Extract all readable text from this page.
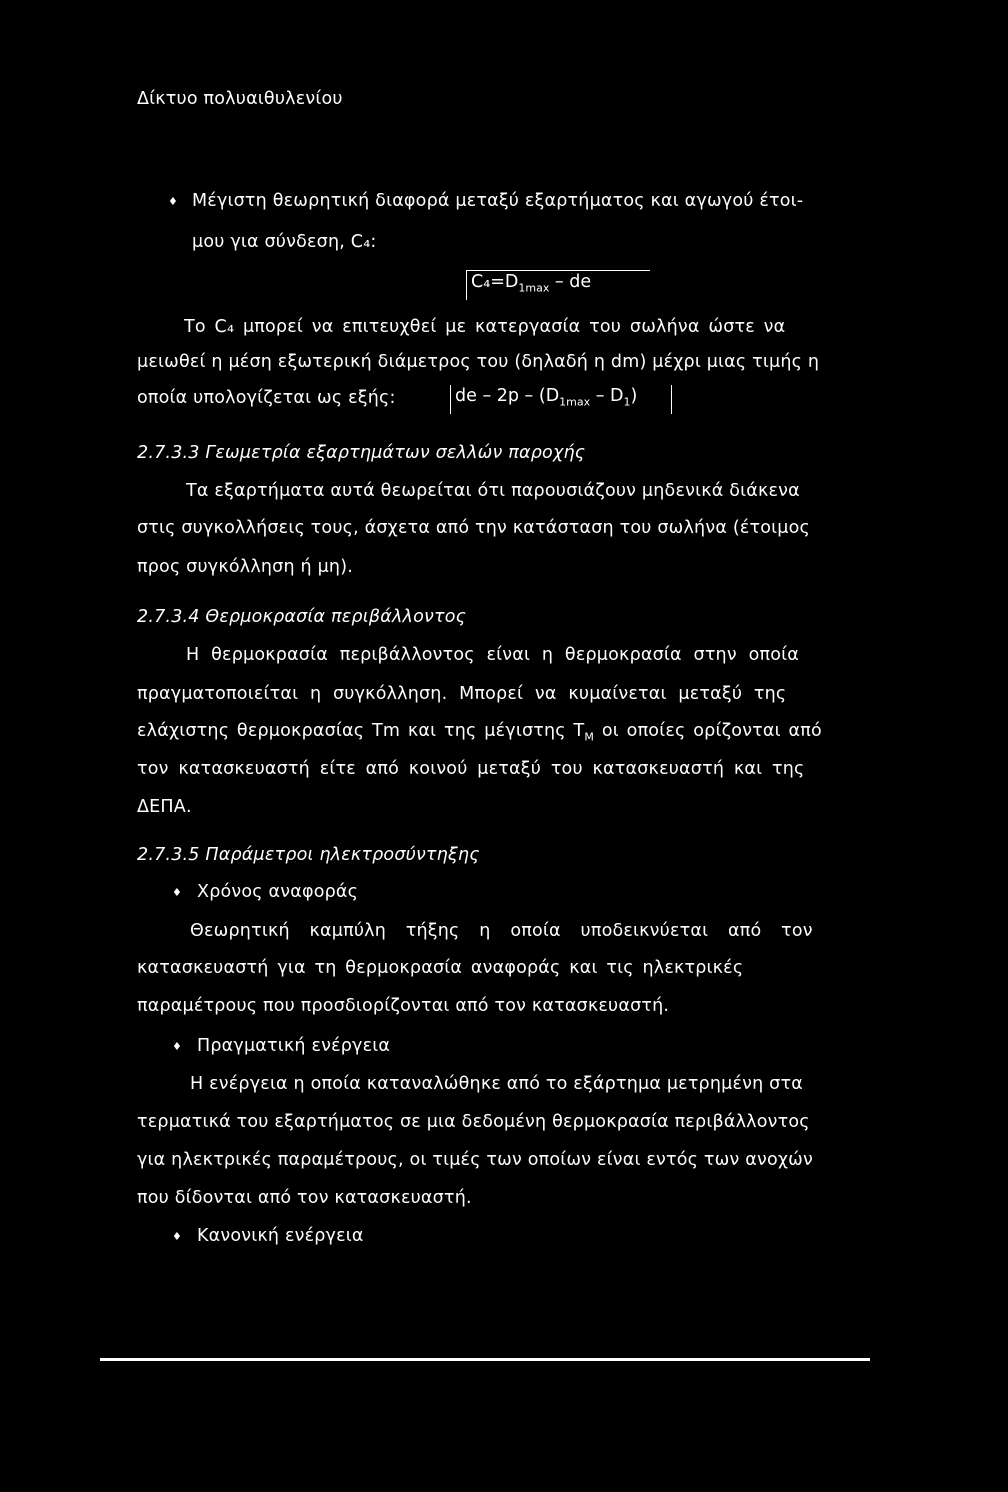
Δίκτυο πολυαιθυλενίου
♦ Μέγιστη θεωρητική διαφορά μεταξύ εξαρτήματος και αγωγού έτοι-
μου για σύνδεση, C₄:
$C_4=D_{1max}$ – de
Το C₄ μπορεί να επιτευχθεί με κατεργασία του σωλήνα ώστε να
μειωθεί η μέση εξωτερική διάμετρος του (δηλαδή η dm) μέχρι μιας τιμής η
οποία υπολογίζεται ως εξής:	de – $2p - (D_{1max} - D_1)$
2.7.3.3 Γεωμετρία εξαρτημάτων σελλών παροχής
Τα εξαρτήματα αυτά θεωρείται ότι παρουσιάζουν μηδενικά διάκενα
στις συγκολλήσεις τους, άσχετα από την κατάσταση του σωλήνα (έτοιμος
προς συγκόλληση ή μη).
2.7.3.4 Θερμοκρασία περιβάλλοντος
Η θερμοκρασία περιβάλλοντος είναι η θερμοκρασία στην οποία
πραγματοποιείται η συγκόλληση. Μπορεί να κυμαίνεται μεταξύ της
ελάχιστης θερμοκρασίας Tm και της μέγιστης $T_M$ οι οποίες ορίζονται από
τον κατασκευαστή είτε από κοινού μεταξύ του κατασκευαστή και της
ΔΕΠΑ.
2.7.3.5 Παράμετροι ηλεκτροσύντηξης
♦ Χρόνος αναφοράς
Θεωρητική καμπύλη τήξης η οποία υποδεικνύεται από τον
κατασκευαστή για τη θερμοκρασία αναφοράς και τις ηλεκτρικές
παραμέτρους που προσδιορίζονται από τον κατασκευαστή.
♦ Πραγματική ενέργεια
Η ενέργεια η οποία καταναλώθηκε από το εξάρτημα μετρημένη στα
τερματικά του εξαρτήματος σε μια δεδομένη θερμοκρασία περιβάλλοντος
για ηλεκτρικές παραμέτρους, οι τιμές των οποίων είναι εντός των ανοχών
που δίδονται από τον κατασκευαστή.
♦ Κανονική ενέργεια
